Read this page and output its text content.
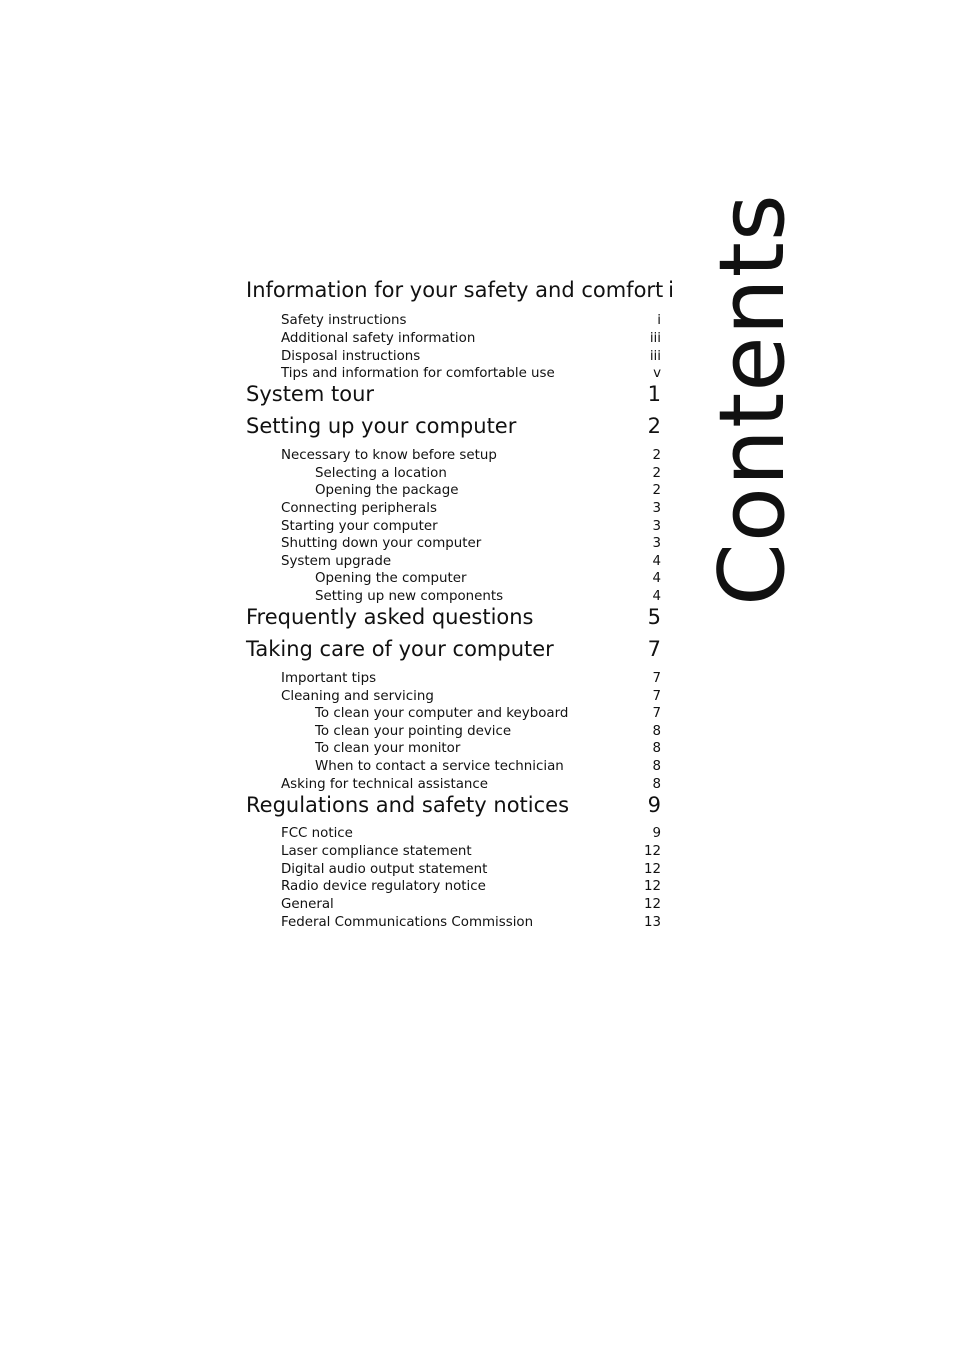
Contents
Information for your safety and comfort i
Safety instructions	i
Additional safety information	iii
Disposal instructions	iii
Tips and information for comfortable use	v
System tour	1
Setting up your computer	2
Necessary to know before setup	2
Selecting a location	2
Opening the package	2
Connecting peripherals	3
Starting your computer	3
Shutting down your computer	3
System upgrade	4
Opening the computer	4
Setting up new components	4
Frequently asked questions	5
Taking care of your computer	7
Important tips	7
Cleaning and servicing	7
To clean your computer and keyboard	7
To clean your pointing device	8
To clean your monitor	8
When to contact a service technician	8
Asking for technical assistance	8
Regulations and safety notices	9
FCC notice	9
Laser compliance statement	12
Digital audio output statement	12
Radio device regulatory notice	12
General	12
Federal Communications Commission	13
